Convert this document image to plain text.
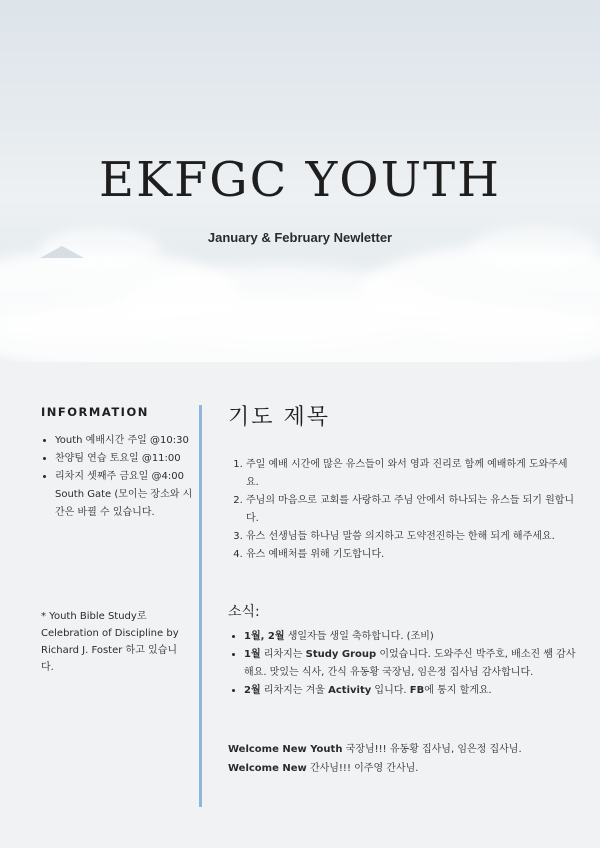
EKFGC YOUTH

January & February Newletter

INFORMATION
• Youth 예배시간 주일 @10:30
• 찬양팀 연습 토요일 @11:00
• 리차지 셋째주 금요일 @4:00 South Gate (모이는 장소와 시간은 바뀔 수 있습니다.

* Youth Bible Study로 Celebration of Discipline by Richard J. Foster 하고 있습니다.

기도 제목
1. 주일 예배 시간에 많은 유스들이 와서 영과 진리로 함께 예배하게 도와주세요.
2. 주님의 마음으로 교회를 사랑하고 주님 안에서 하나되는 유스들 되기 원합니다.
3. 유스 선생님들 하나님 말씀 의지하고 도약전진하는 한해 되게 해주세요.
4. 유스 예배처를 위해 기도합니다.
소식:
• 1월, 2월 생일자들 생일 축하합니다. (조비)
• 1월 리차지는 Study Group 이었습니다. 도와주신 박주호, 배소진 쌤 감사해요. 맛있는 식사, 간식 유동황 국장님, 임은정 집사님 감사합니다.
• 2월 리차지는 겨울 Activity 입니다. FB에 통지 할게요.

Welcome New Youth 국장님!!! 유동황 집사님, 임은정 집사님.

Welcome New 간사님!!! 이주영 간사님.
